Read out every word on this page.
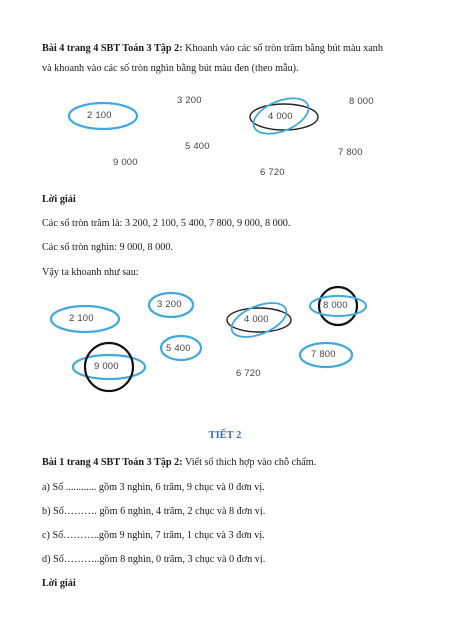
Bài 4 trang 4 SBT Toán 3 Tập 2: Khoanh vào các số tròn trăm bằng bút màu xanh
và khoanh vào các số tròn nghìn bằng bút màu đen (theo mẫu).
3 200	8 000
2 100	4 000
5 400
7 800
9 000
6 720
Lời giải
Các số tròn trăm là: 3 200, 2 100, 5 400, 7 800, 9 000, 8 000.
Các số tròn nghìn: 9 000, 8 000.
Vậy ta khoanh như sau:
3 200	8 000
2 100	4 000
5 400
7 800
9 000
6 720
TIẾT 2
Bài 1 trang 4 SBT Toán 3 Tập 2: Viết số thích hợp vào chỗ chấm.
a) Số ............ gồm 3 nghìn, 6 trăm, 9 chục và 0 đơn vị.
b) Số………. gồm 6 nghìn, 4 trăm, 2 chục và 8 đơn vị.
c) Số………..gồm 9 nghìn, 7 trăm, 1 chục và 3 đơn vị.
d) Số………..gồm 8 nghìn, 0 trăm, 3 chục và 0 đơn vị.
Lời giải
